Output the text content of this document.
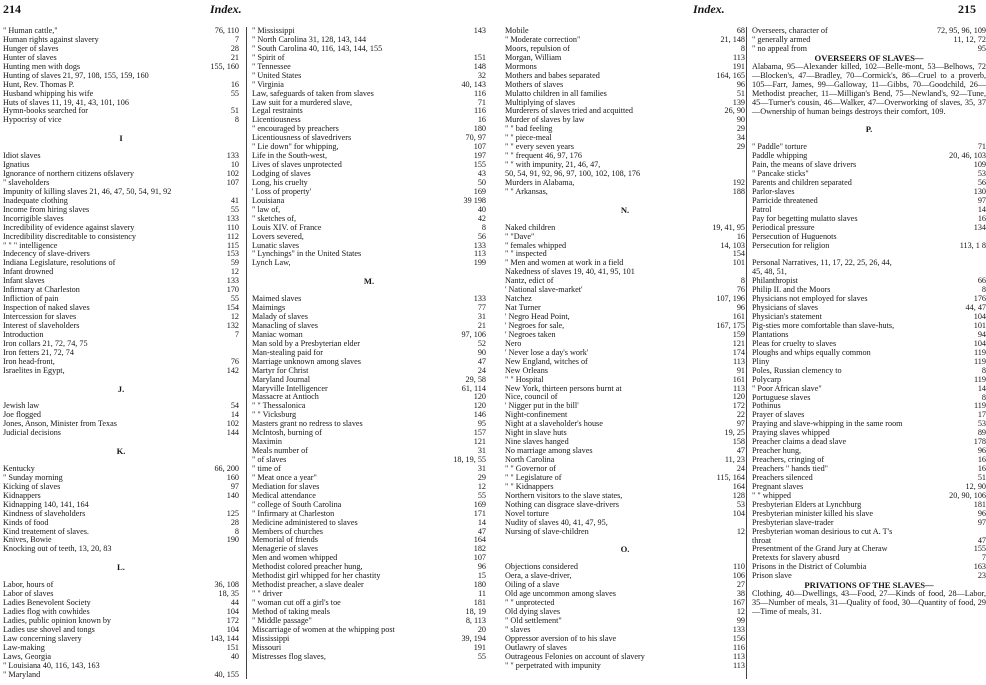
214	Index.
" Human cattle,"	76, 110
Human rights against slavery	7
Hunger of slaves	28
Hunter of slaves	21
Hunting men with dogs	155, 160
Hunting of slaves 21, 97, 108, 155, 159, 160
Hunt, Rev. Thomas P.	16
Husband whipping his wife	55
Huts of slaves 11, 19, 41, 43, 101, 106
Hymn-books searched for	51
Hypocrisy of vice	8
I
Idiot slaves	133
Ignatius	10
Ignorance of northern citizens ofslavery	102
" slaveholders	107
Impunity of killing slaves 21, 46, 47, 50, 54, 91, 92
Inadequate clothing	41
Income from hiring slaves	55
Incorrigible slaves	133
Incredibility of evidence against slavery	110
Incredibility discreditable to consistency	112
" " " intelligence	115
Indecency of slave-drivers	153
Indiana Legislature, resolutions of	59
Infant drowned	12
Infant slaves	133
Infirmary at Charleston	170
Infliction of pain	55
Inspection of naked slaves	154
Intercession for slaves	12
Interest of slaveholders	132
Introduction	7
Iron collars 21, 72, 74, 75
Iron fetters 21, 72, 74
Iron head-front,	76
Israelites in Egypt,	142
J.
Jewish law	54
Joe flogged	14
Jones, Anson, Minister from Texas	102
Judicial decisions	144
K.
Kentucky	66, 200
" Sunday morning	160
Kicking of slaves	97
Kidnappers	140
Kidnapping 140, 141, 164
Kindness of slaveholders	125
Kinds of food	28
Kind treatement of slaves.	8
Knives, Bowie	190
Knocking out of teeth, 13, 20, 83
L.
Labor, hours of	36, 108
Labor of slaves	18, 35
Ladies Benevolent Society	44
Ladies flog with cowhides	104
Ladies, public opinion known by	172
Ladies use shovel and tongs	104
Law concerning slavery	143, 144
Law-making	151
Laws, Georgia	40
" Louisiana 40, 116, 143, 163
" Maryland	40, 155
" Mississippi	143
" North Carolina 31, 128, 143, 144
" South Carolina 40, 116, 143, 144, 155
" Spirit of	151
" Tennessee	148
" United States	32
" Virginia	40, 143
Law, safeguards of taken from slaves	116
Law suit for a murdered slave,	71
Legal restraints	116
Licentiousness	16
" encouraged by preachers	180
Licentiousness of slavedrivers	70, 97
" Lie down" for whipping,	107
Life in the South-west,	197
Lives of slaves unprotected	155
Lodging of slaves	43
Long, his cruelty	50
' Loss of property'	169
Louisiana	39 198
" law of,	40
" sketches of,	42
Louis XIV. of France	8
Lovers severed,	56
Lunatic slaves	133
" Lynchings" in the United States	113
Lynch Law,	199
M.
Maimed slaves	133
Maimings	77
Malady of slaves	31
Manacling of slaves	21
Maniac woman	97, 106
Man sold by a Presbyterian elder	52
Man-stealing paid for	90
Marriage unknown among slaves	47
Martyr for Christ	24
Maryland Journal	29, 58
Maryville Intelligencer	61, 114
Massacre at Antioch	120
" " Thessalonica	120
" " Vicksburg	146
Masters grant no redress to slaves	95
McIntosh, burning of	157
Maximin	121
Meals number of	31
" of slaves	18, 19, 55
" time of	31
" Meat once a year"	29
Mediation for slaves	12
Medical attendance	55
" college of South Carolina	169
" Infirmary at Charleston	171
Medicine administered to slaves	14
Members of churches	47
Memorial of friends	164
Menagerie of slaves	182
Men and women whipped	107
Methodist colored preacher hung,	96
Methodist girl whipped for her chastity	15
Methodist preacher, a slave dealer	180
" " driver	11
" woman cut off a girl's toe	181
Method of taking meals	18, 19
" Middle passage"	8, 113
Miscarriage of women at the whipping post	20
Mississippi	39, 194
Missouri	191
Mistresses flog slaves,	55
Index.	215
Mobile	68
" Moderate correction"	21, 148
Moors, repulsion of	8
Morgan, William	113
Mormons	191
Mothers and babes separated	164, 165
Mothers of slaves	96
Mulatto children in all families	51
Multiplying of slaves	139
Murderers of slaves tried and acquitted	26, 90
Murder of slaves by law	90
" " bad feeling	29
" " piece-meal	34
" " every seven years	29
" " frequent 46, 97, 176
" " with impunity, 21, 46, 47,
50, 54, 91, 92, 96, 97, 100, 102, 108, 176
Murders in Alabama,	192
" " Arkansas,	188
N.
Naked children	19, 41, 95
" "Dave"	16
" females whipped	14, 103
" " inspected	154
" Men and women at work in a field	101
Nakedness of slaves 19, 40, 41, 95, 101
Nantz, edict of	8
' National slave-market'	76
Natchez	107, 196
Nat Turner	96
' Negro Head Point,	161
' Negroes for sale,	167, 175
' Negroes taken	159
Nero	121
' Never lose a day's work'	174
New England, witches of	113
New Orleans	91
" " Hospital	161
New York, thirteen persons burnt at	113
Nice, council of	120
' Nigger put in the bill'	172
Night-confinement	22
Night at a slaveholder's house	97
Night in slave huts	19, 25
Nine slaves hanged	158
No marriage among slaves	47
North Carolina	11, 23
" " Governor of	24
" " Legislature of	115, 164
" " Kidnappers	164
Northern visitors to the slave states,	128
Nothing can disgrace slave-drivers	53
Novel torture	104
Nudity of slaves 40, 41, 47, 95,
Nursing of slave-children	12
O.
Objections considered	110
Oera, a slave-driver,	106
Oiling of a slave	27
Old age uncommon among slaves	38
" " unprotected	167
Old dying slaves	12
" Old settlement"	99
" slaves	133
Oppressor aversion of to his slave	156
Outlawry of slaves	116
Outrageous Felonies on account of slavery	113
" " perpetrated with impunity	113
Overseers, character of	72, 95, 96, 109
" generally armed	11, 12, 72
" no appeal from	95
OVERSEERS OF SLAVES—
Alabama, 95—Alexander killed, 102—Belle-mont, 53—Belhows, 72—Blocken's, 47—Bradley, 70—Cormick's, 86—Cruel to a proverb, 105—Farr, James, 99—Galloway, 11—Gibbs, 70—Goodchild, 26—Methodist preacher, 11—Milligan's Bend, 75—Newland's, 92—Tune, 45—Turner's cousin, 46—Walker, 47—Overworking of slaves, 35, 37—Ownership of human beings destroys their comfort, 109.
P.
" Paddle" torture	71
Paddle whipping	20, 46, 103
Pain, the means of slave drivers	109
" Pancake sticks"	53
Parents and children separated	56
Parlor-slaves	130
Parricide threatened	97
Patrol	14
Pay for begetting mulatto slaves	16
Periodical pressure	134
Persecution of Huguenots
Persecution for religion	113, 1 8
Personal Narratives, 11, 17, 22, 25, 26, 44,
45, 48, 51,
Philanthropist	66
Philip II. and the Moors	8
Physicians not employed for slaves	176
Physicians of slaves	44, 47
Physician's statement	104
Pig-sties more comfortable than slave-huts,	101
Plantations	94
Pleas for cruelty to slaves	104
Ploughs and whips equally common	119
Pliny	119
Poles, Russian clemency to	8
Polycarp	119
" Poor African slave"	14
Portuguese slaves	8
Pothinus	119
Prayer of slaves	17
Praying and slave-whipping in the same room	53
Praying slaves whipped	89
Preacher claims a dead slave	178
Preacher hung,	96
Preachers, cringing of	16
Preachers " hands tied"	16
Preachers silenced	51
Pregnant slaves	12, 90
" " whipped	20, 90, 106
Presbyterian Elders at Lynchburg	181
Presbyterian minister killed his slave	96
Presbyterian slave-trader	97
Presbyterian woman desirious to cut A. T's
throat	47
Presentment of the Grand Jury at Cheraw	155
Pretexts for slavery abusrd	7
Prisons in the District of Columbia	163
Prison slave	23
PRIVATIONS OF THE SLAVES—
Clothing, 40—Dwellings, 43—Food, 27—Kinds of food, 28—Labor, 35—Number of meals, 31—Quality of food, 30—Quantity of food, 29—Time of meals, 31.
